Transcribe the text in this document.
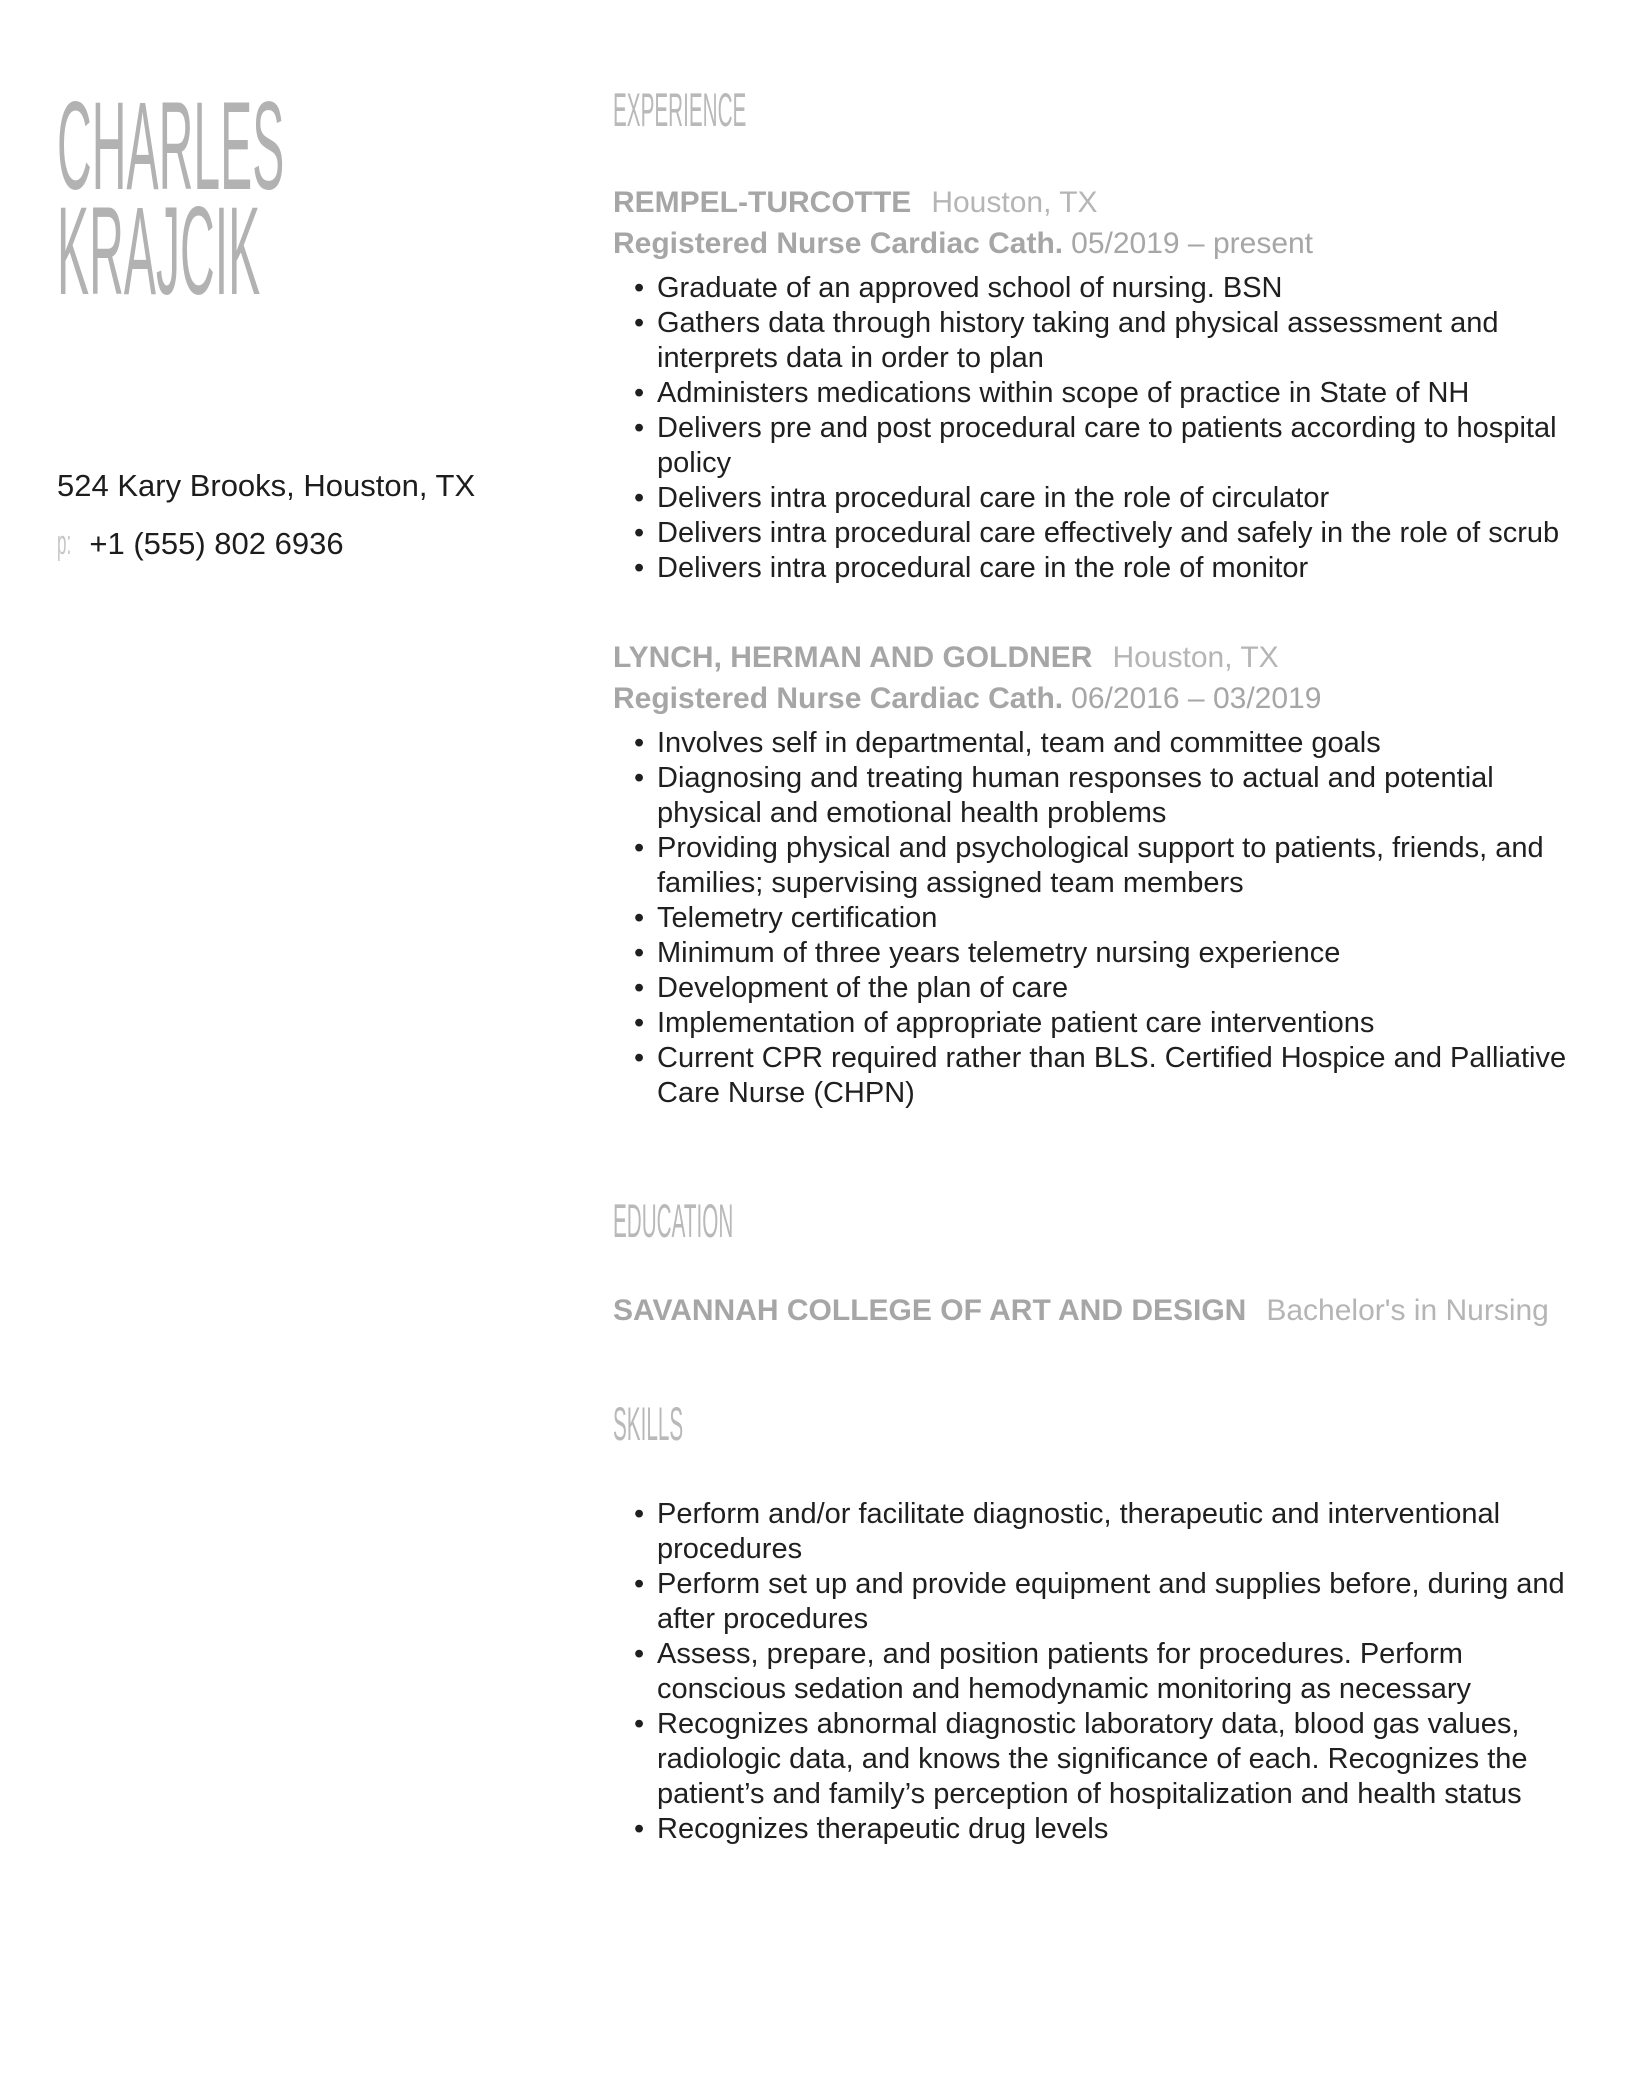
CHARLES
KRAJCIK

524 Kary Brooks, Houston, TX

p: +1 (555) 802 6936

EXPERIENCE
REMPEL-TURCOTTE Houston, TX

Registered Nurse Cardiac Cath. 05/2019 – present

• Graduate of an approved school of nursing. BSN
• Gathers data through history taking and physical assessment and interprets data in order to plan
• Administers medications within scope of practice in State of NH
• Delivers pre and post procedural care to patients according to hospital policy
• Delivers intra procedural care in the role of circulator
• Delivers intra procedural care effectively and safely in the role of scrub
• Delivers intra procedural care in the role of monitor
LYNCH, HERMAN AND GOLDNER Houston, TX

Registered Nurse Cardiac Cath. 06/2016 – 03/2019

• Involves self in departmental, team and committee goals
• Diagnosing and treating human responses to actual and potential physical and emotional health problems
• Providing physical and psychological support to patients, friends, and families; supervising assigned team members
• Telemetry certification
• Minimum of three years telemetry nursing experience
• Development of the plan of care
• Implementation of appropriate patient care interventions
• Current CPR required rather than BLS. Certified Hospice and Palliative Care Nurse (CHPN)
EDUCATION

SAVANNAH COLLEGE OF ART AND DESIGN Bachelor's in Nursing

SKILLS
• Perform and/or facilitate diagnostic, therapeutic and interventional procedures
• Perform set up and provide equipment and supplies before, during and after procedures
• Assess, prepare, and position patients for procedures. Perform conscious sedation and hemodynamic monitoring as necessary
• Recognizes abnormal diagnostic laboratory data, blood gas values, radiologic data, and knows the significance of each. Recognizes the patient’s and family’s perception of hospitalization and health status
• Recognizes therapeutic drug levels
